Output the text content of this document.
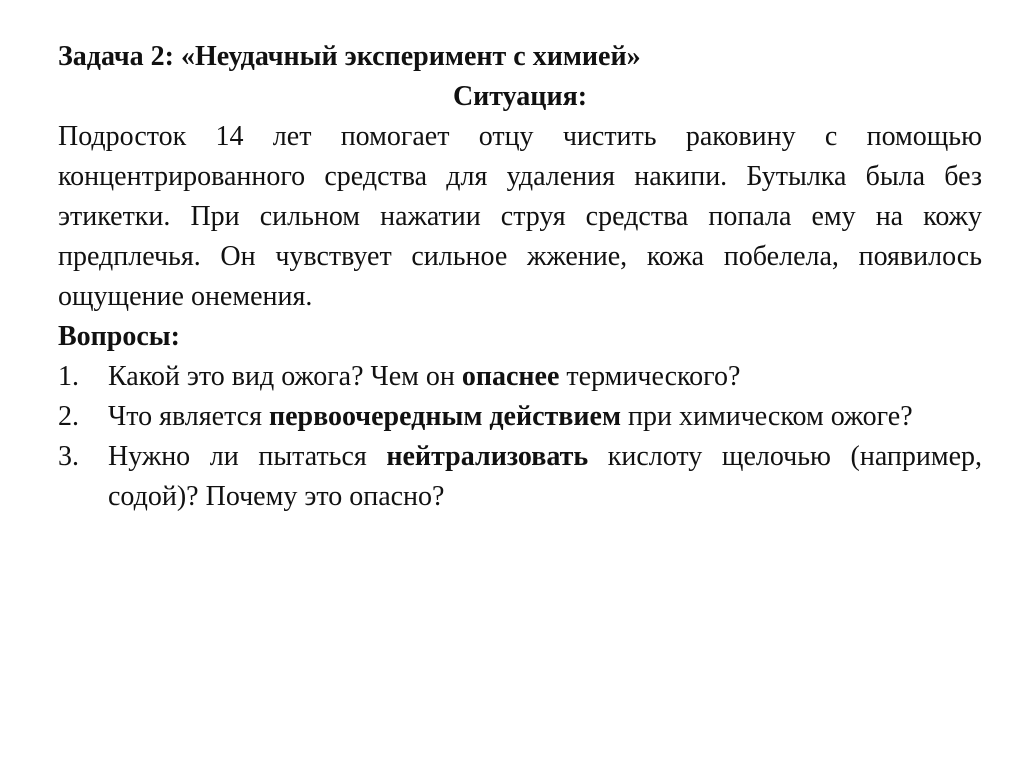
Задача 2: «Неудачный эксперимент с химией»

Ситуация:

Подросток 14 лет помогает отцу чистить раковину с помощью концентрированного средства для удаления накипи. Бутылка была без этикетки. При сильном нажатии струя средства попала ему на кожу предплечья. Он чувствует сильное жжение, кожа побелела, появилось ощущение онемения.

Вопросы:

1. Какой это вид ожога? Чем он опаснее термического?
2. Что является первоочередным действием при химическом ожоге?
3. Нужно ли пытаться нейтрализовать кислоту щелочью (например, содой)? Почему это опасно?
